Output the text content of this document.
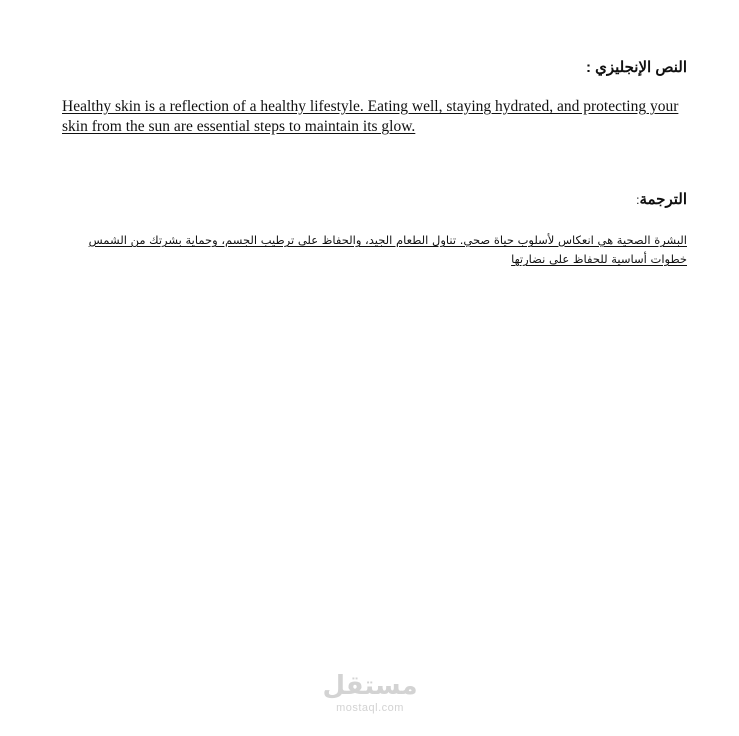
النص الإنجليزي :
Healthy skin is a reflection of a healthy lifestyle. Eating well, staying hydrated, and protecting your skin from the sun are essential steps to maintain its glow.
الترجمة:
البشرة الصحية هي انعكاس لأسلوب حياة صحي. تناول الطعام الجيد، والحفاظ على ترطيب الجسم، وحماية بشرتك من الشمس خطوات أساسية للحفاظ على نضارتها
مستقل
mostaql.com
